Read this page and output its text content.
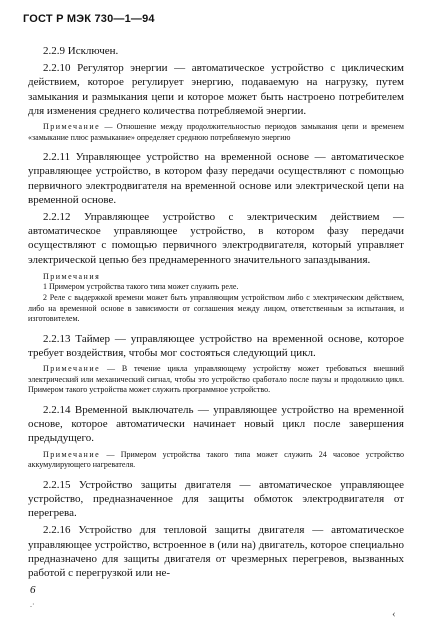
ГОСТ Р МЭК 730—1—94

2.2.9 Исключен.

2.2.10 Регулятор энергии — автоматическое устройство с циклическим действием, которое регулирует энергию, подаваемую на нагрузку, путем замыкания и размыкания цепи и которое может быть настроено потребителем для изменения среднего количества потребляемой энергии.

Примечание — Отношение между продолжительностью периодов замыкания цепи и временем «замыкание плюс размыкание» определяет среднюю потребляемую энергию

2.2.11 Управляющее устройство на временной основе — автоматическое управляющее устройство, в котором фазу передачи осуществляют с помощью первичного электродвигателя на временной основе или электрической цепи на временной основе.

2.2.12 Управляющее устройство с электрическим действием — автоматическое управляющее устройство, в котором фазу передачи осуществляют с помощью первичного электродвигателя, который управляет электрической цепью без преднамеренного значительного запаздывания.

Примечания

1 Примером устройства такого типа может служить реле.

2 Реле с выдержкой времени может быть управляющим устройством либо с электрическим действием, либо на временной основе в зависимости от соглашения между лицом, ответственным за испытания, и изготовителем.

2.2.13 Таймер — управляющее устройство на временной основе, которое требует воздействия, чтобы мог состояться следующий цикл.

Примечание — В течение цикла управляющему устройству может требоваться внешний электрический или механический сигнал, чтобы это устройство сработало после паузы и продолжило цикл. Примером такого устройства может служить программное устройство.

2.2.14 Временной выключатель — управляющее устройство на временной основе, которое автоматически начинает новый цикл после завершения предыдущего.

Примечание — Примером устройства такого типа может служить 24 часовое устройство аккумулирующего нагревателя.

2.2.15 Устройство защиты двигателя — автоматическое управляющее устройство, предназначенное для защиты обмоток электродвигателя от перегрева.

2.2.16 Устройство для тепловой защиты двигателя — автоматическое управляющее устройство, встроенное в (или на) двигатель, которое специально предназначено для защиты двигателя от чрезмерных перегревов, вызванных работой с перегрузкой или не-

6
.·
‹
